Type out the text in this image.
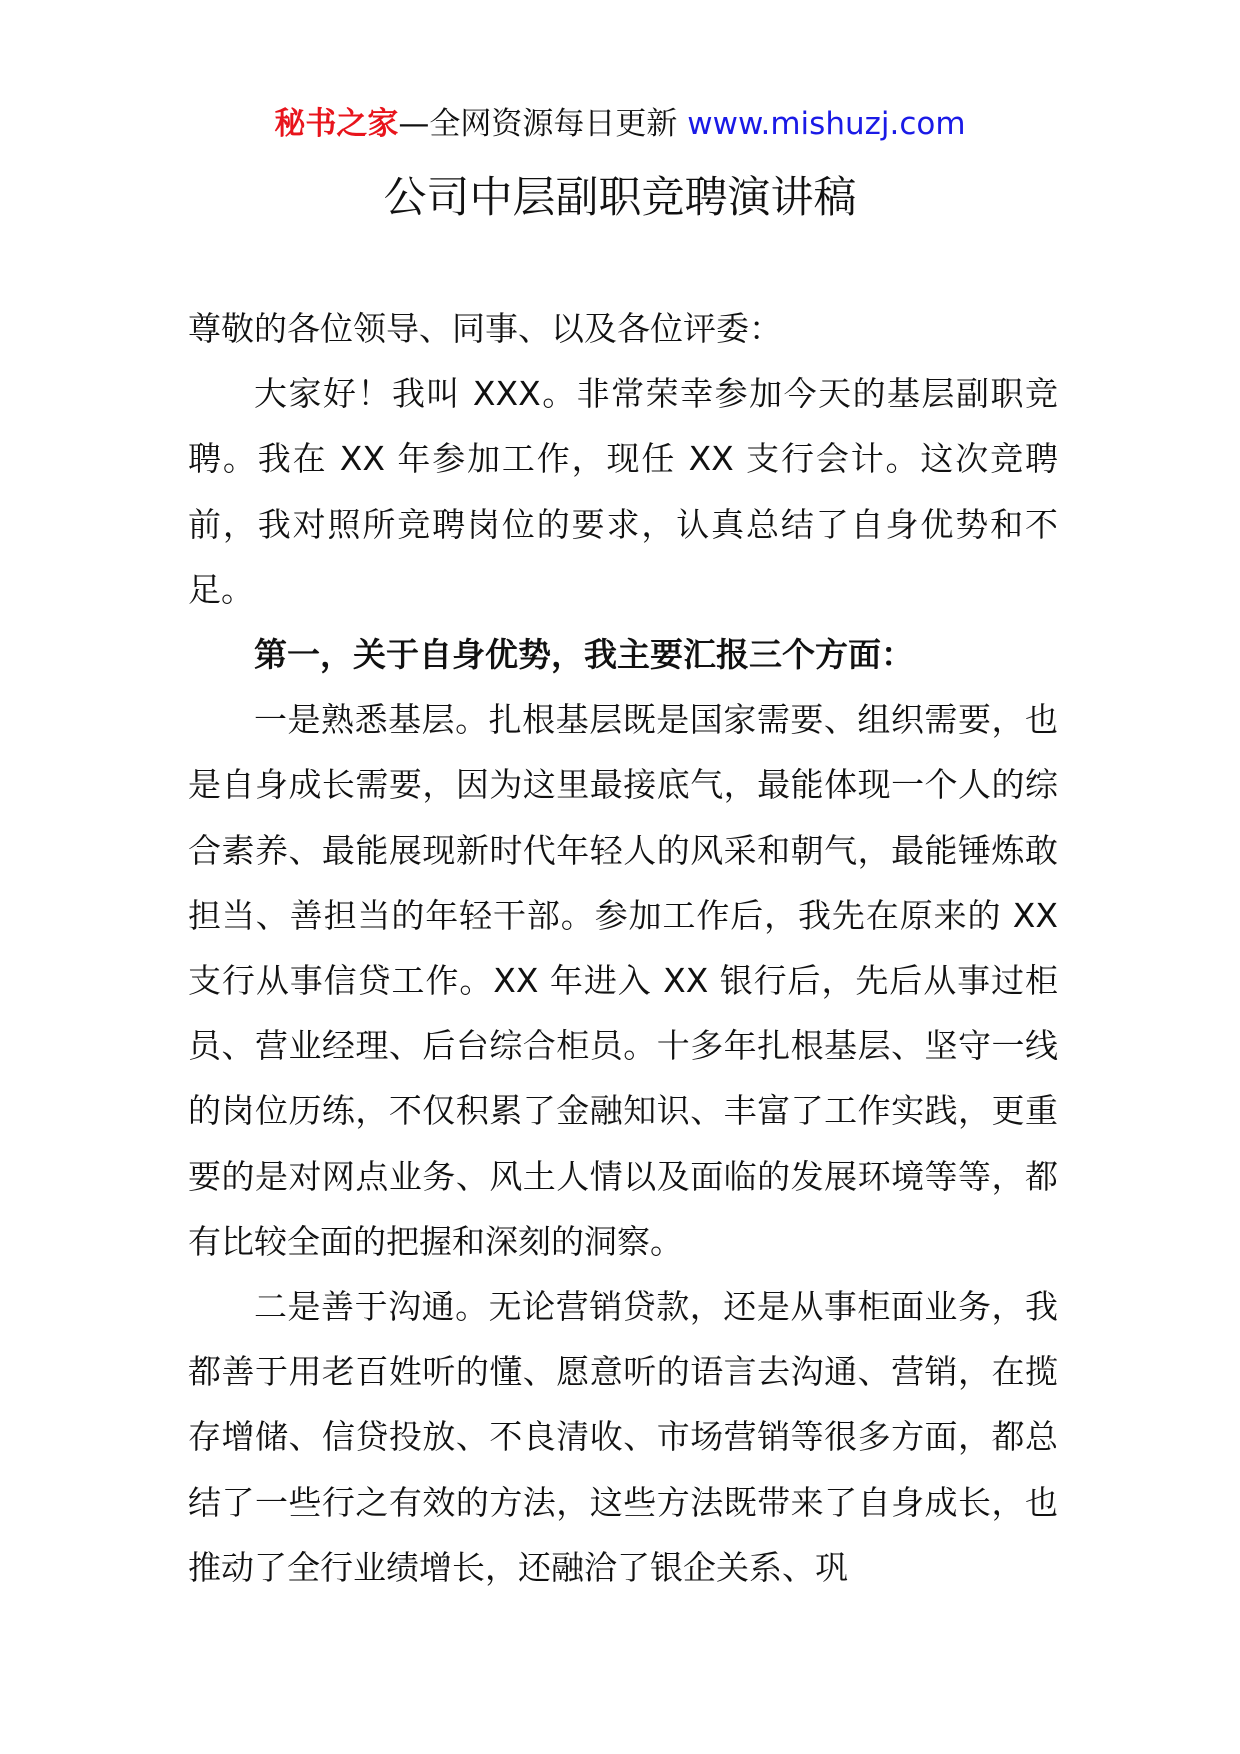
秘书之家—全网资源每日更新 www.mishuzj.com
公司中层副职竞聘演讲稿

尊敬的各位领导、同事、以及各位评委：

大家好！我叫 XXX。非常荣幸参加今天的基层副职竞聘。我在 XX 年参加工作，现任 XX 支行会计。这次竞聘前，我对照所竞聘岗位的要求，认真总结了自身优势和不足。

第一，关于自身优势，我主要汇报三个方面：

一是熟悉基层。扎根基层既是国家需要、组织需要，也是自身成长需要，因为这里最接底气，最能体现一个人的综合素养、最能展现新时代年轻人的风采和朝气，最能锤炼敢担当、善担当的年轻干部。参加工作后，我先在原来的 XX 支行从事信贷工作。XX 年进入 XX 银行后，先后从事过柜员、营业经理、后台综合柜员。十多年扎根基层、坚守一线的岗位历练，不仅积累了金融知识、丰富了工作实践，更重要的是对网点业务、风土人情以及面临的发展环境等等，都有比较全面的把握和深刻的洞察。

二是善于沟通。无论营销贷款，还是从事柜面业务，我都善于用老百姓听的懂、愿意听的语言去沟通、营销，在揽存增储、信贷投放、不良清收、市场营销等很多方面，都总结了一些行之有效的方法，这些方法既带来了自身成长，也推动了全行业绩增长，还融洽了银企关系、巩
